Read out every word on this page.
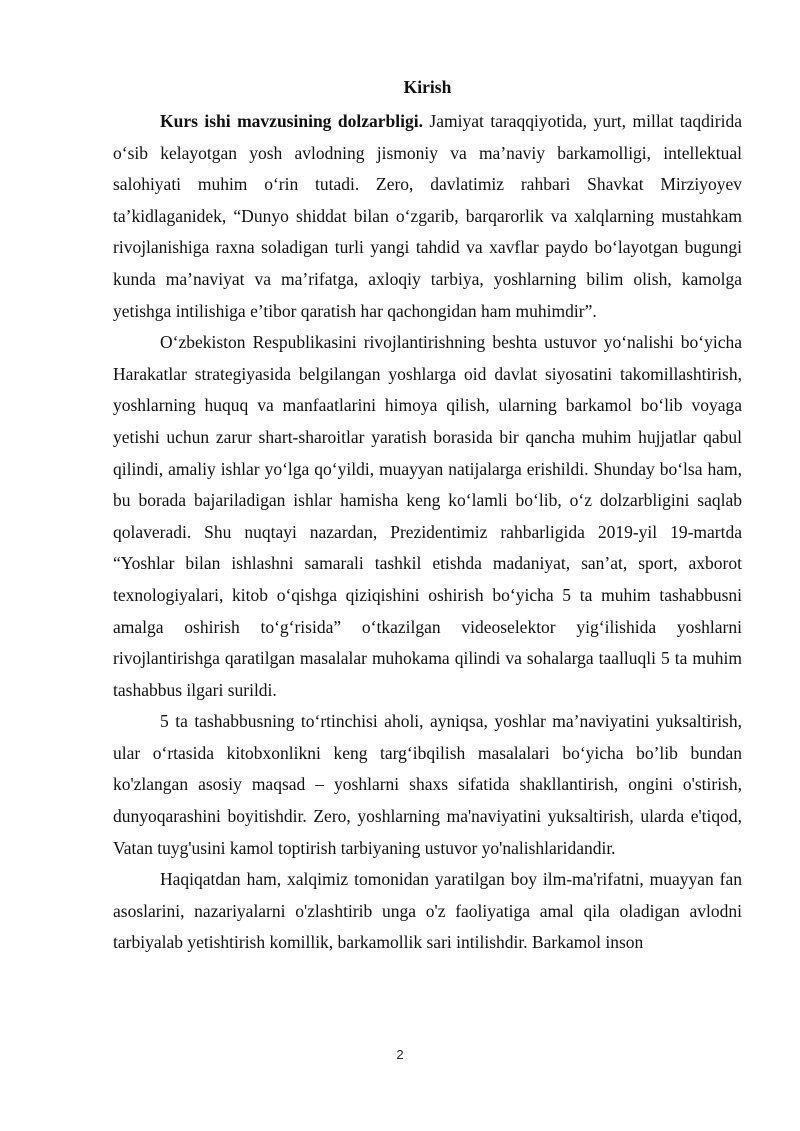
Kirish

Kurs ishi mavzusining dolzarbligi. Jamiyat taraqqiyotida, yurt, millat taqdirida o‘sib kelayotgan yosh avlodning jismoniy va ma’naviy barkamolligi, intellektual salohiyati muhim o‘rin tutadi. Zero, davlatimiz rahbari Shavkat Mirziyoyev ta’kidlaganidek, “Dunyo shiddat bilan o‘zgarib, barqarorlik va xalqlarning mustahkam rivojlanishiga raxna soladigan turli yangi tahdid va xavflar paydo bo‘layotgan bugungi kunda ma’naviyat va ma’rifatga, axloqiy tarbiya, yoshlarning bilim olish, kamolga yetishga intilishiga e’tibor qaratish har qachongidan ham muhimdir”.

O‘zbekiston Respublikasini rivojlantirishning beshta ustuvor yo‘nalishi bo‘yicha Harakatlar strategiyasida belgilangan yoshlarga oid davlat siyosatini takomillashtirish, yoshlarning huquq va manfaatlarini himoya qilish, ularning barkamol bo‘lib voyaga yetishi uchun zarur shart-sharoitlar yaratish borasida bir qancha muhim hujjatlar qabul qilindi, amaliy ishlar yo‘lga qo‘yildi, muayyan natijalarga erishildi. Shunday bo‘lsa ham, bu borada bajariladigan ishlar hamisha keng ko‘lamli bo‘lib, o‘z dolzarbligini saqlab qolaveradi. Shu nuqtayi nazardan, Prezidentimiz rahbarligida 2019-yil 19-martda “Yoshlar bilan ishlashni samarali tashkil etishda madaniyat, san’at, sport, axborot texnologiyalari, kitob o‘qishga qiziqishini oshirish bo‘yicha 5 ta muhim tashabbusni amalga oshirish to‘g‘risida” o‘tkazilgan videoselektor yig‘ilishida yoshlarni rivojlantirishga qaratilgan masalalar muhokama qilindi va sohalarga taalluqli 5 ta muhim tashabbus ilgari surildi.

5 ta tashabbusning to‘rtinchisi aholi, ayniqsa, yoshlar ma’naviyatini yuksaltirish, ular o‘rtasida kitobxonlikni keng targ‘ibqilish masalalari bo‘yicha bo’lib bundan ko'zlangan asosiy maqsad – yoshlarni shaxs sifatida shakllantirish, ongini o'stirish, dunyoqarashini boyitishdir. Zero, yoshlarning ma'naviyatini yuksaltirish, ularda e'tiqod, Vatan tuyg'usini kamol toptirish tarbiyaning ustuvor yo'nalishlaridandir.

Haqiqatdan ham, xalqimiz tomonidan yaratilgan boy ilm-ma'rifatni, muayyan fan asoslarini, nazariyalarni o'zlashtirib unga o'z faoliyatiga amal qila oladigan avlodni tarbiyalab yetishtirish komillik, barkamollik sari intilishdir. Barkamol inson

2
